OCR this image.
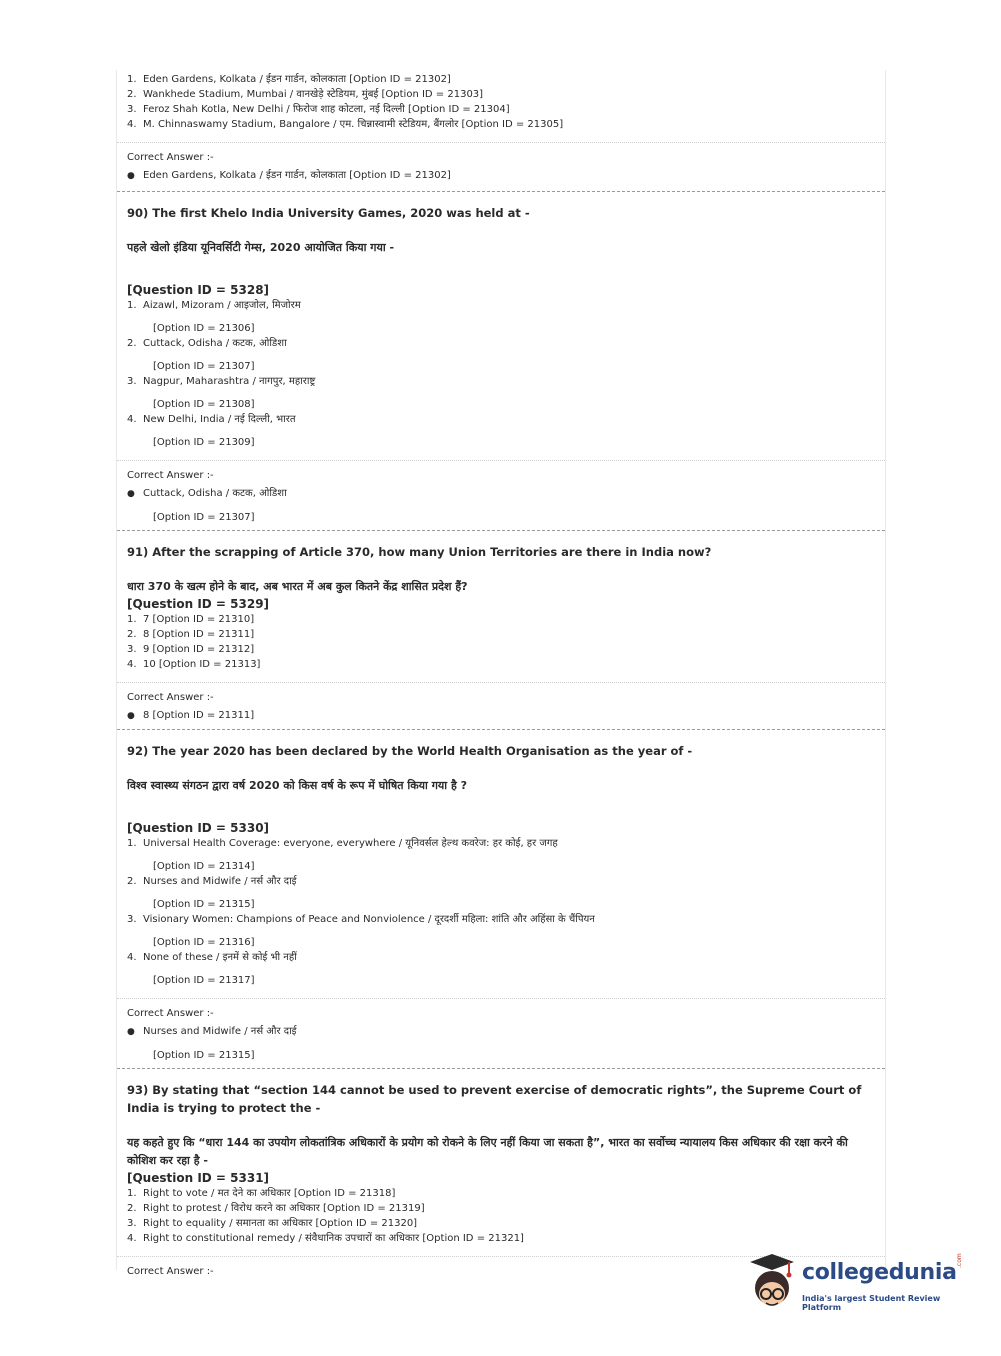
1. Eden Gardens, Kolkata / ईडन गार्डन, कोलकाता [Option ID = 21302]
2. Wankhede Stadium, Mumbai / वानखेड़े स्टेडियम, मुंबई [Option ID = 21303]
3. Feroz Shah Kotla, New Delhi / फिरोज शाह कोटला, नई दिल्ली [Option ID = 21304]
4. M. Chinnaswamy Stadium, Bangalore / एम. चिन्नास्वामी स्टेडियम, बैंगलोर [Option ID = 21305]
Correct Answer :-
● Eden Gardens, Kolkata / ईडन गार्डन, कोलकाता [Option ID = 21302]
90) The first Khelo India University Games, 2020 was held at -
पहले खेलो इंडिया यूनिवर्सिटी गेम्स, 2020 आयोजित किया गया -
[Question ID = 5328]
1. Aizawl, Mizoram / आइजोल, मिजोरम
[Option ID = 21306]
2. Cuttack, Odisha / कटक, ओडिशा
[Option ID = 21307]
3. Nagpur, Maharashtra / नागपुर, महाराष्ट्र
[Option ID = 21308]
4. New Delhi, India / नई दिल्ली, भारत
[Option ID = 21309]
Correct Answer :-
● Cuttack, Odisha / कटक, ओडिशा
[Option ID = 21307]
91) After the scrapping of Article 370, how many Union Territories are there in India now?
धारा 370 के खत्म होने के बाद, अब भारत में अब कुल कितने केंद्र शासित प्रदेश हैं?
[Question ID = 5329]
1. 7 [Option ID = 21310]
2. 8 [Option ID = 21311]
3. 9 [Option ID = 21312]
4. 10 [Option ID = 21313]
Correct Answer :-
● 8 [Option ID = 21311]
92) The year 2020 has been declared by the World Health Organisation as the year of -
विश्व स्वास्थ्य संगठन द्वारा वर्ष 2020 को किस वर्ष के रूप में घोषित किया गया है ?
[Question ID = 5330]
1. Universal Health Coverage: everyone, everywhere / यूनिवर्सल हेल्थ कवरेज: हर कोई, हर जगह
[Option ID = 21314]
2. Nurses and Midwife / नर्स और दाई
[Option ID = 21315]
3. Visionary Women: Champions of Peace and Nonviolence / दूरदर्शी महिला: शांति और अहिंसा के चैंपियन
[Option ID = 21316]
4. None of these / इनमें से कोई भी नहीं
[Option ID = 21317]
Correct Answer :-
● Nurses and Midwife / नर्स और दाई
[Option ID = 21315]
93) By stating that “section 144 cannot be used to prevent exercise of democratic rights”, the Supreme Court of India is trying to protect the -
यह कहते हुए कि “धारा 144 का उपयोग लोकतांत्रिक अधिकारों के प्रयोग को रोकने के लिए नहीं किया जा सकता है”, भारत का सर्वोच्च न्यायालय किस अधिकार की रक्षा करने की कोशिश कर रहा है -
[Question ID = 5331]
1. Right to vote / मत देने का अधिकार [Option ID = 21318]
2. Right to protest / विरोध करने का अधिकार [Option ID = 21319]
3. Right to equality / समानता का अधिकार [Option ID = 21320]
4. Right to constitutional remedy / संवैधानिक उपचारों का अधिकार [Option ID = 21321]
Correct Answer :-	collegedunia .com
India's largest Student Review Platform
